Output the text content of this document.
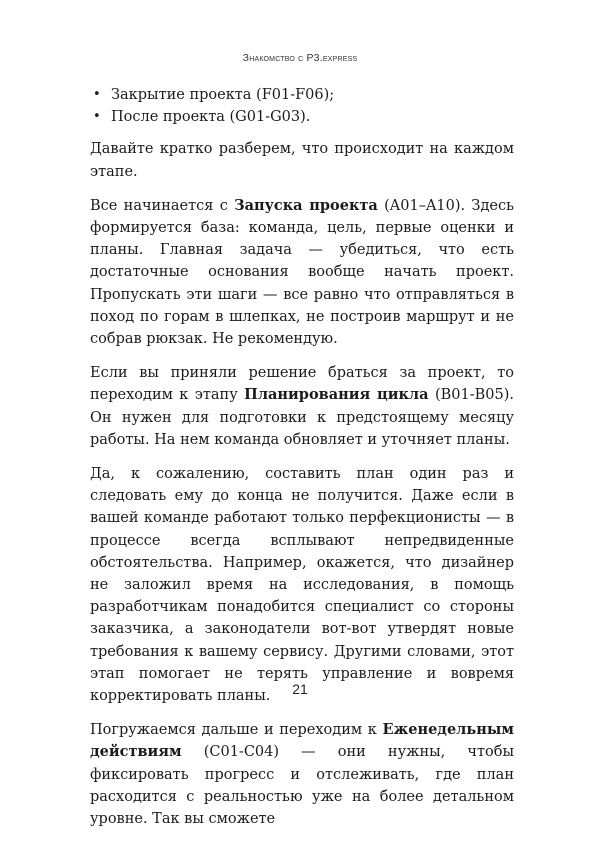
Знакомство с P3.express
• Закрытие проекта (F01-F06);
• После проекта (G01-G03).

Давайте кратко разберем, что происходит на каждом этапе.

Все начинается с Запуска проекта (A01–A10). Здесь формируется база: команда, цель, первые оценки и планы. Главная задача — убедиться, что есть достаточные основания вообще начать проект. Пропускать эти шаги — все равно что отправляться в поход по горам в шлепках, не построив маршрут и не собрав рюкзак. Не рекомендую.

Если вы приняли решение браться за проект, то переходим к этапу Планирования цикла (B01-B05). Он нужен для подготовки к предстоящему месяцу работы. На нем команда обновляет и уточняет планы.

Да, к сожалению, составить план один раз и следовать ему до конца не получится. Даже если в вашей команде работают только перфекционисты — в процессе всегда всплывают непредвиденные обстоятельства. Например, окажется, что дизайнер не заложил время на исследования, в помощь разработчикам понадобится специалист со стороны заказчика, а законодатели вот-вот утвердят новые требования к вашему сервису. Другими словами, этот этап помогает не терять управление и вовремя корректировать планы.

Погружаемся дальше и переходим к Еженедельным действиям (C01-C04) — они нужны, чтобы фиксировать прогресс и отслеживать, где план расходится с реальностью уже на более детальном уровне. Так вы сможете

21
